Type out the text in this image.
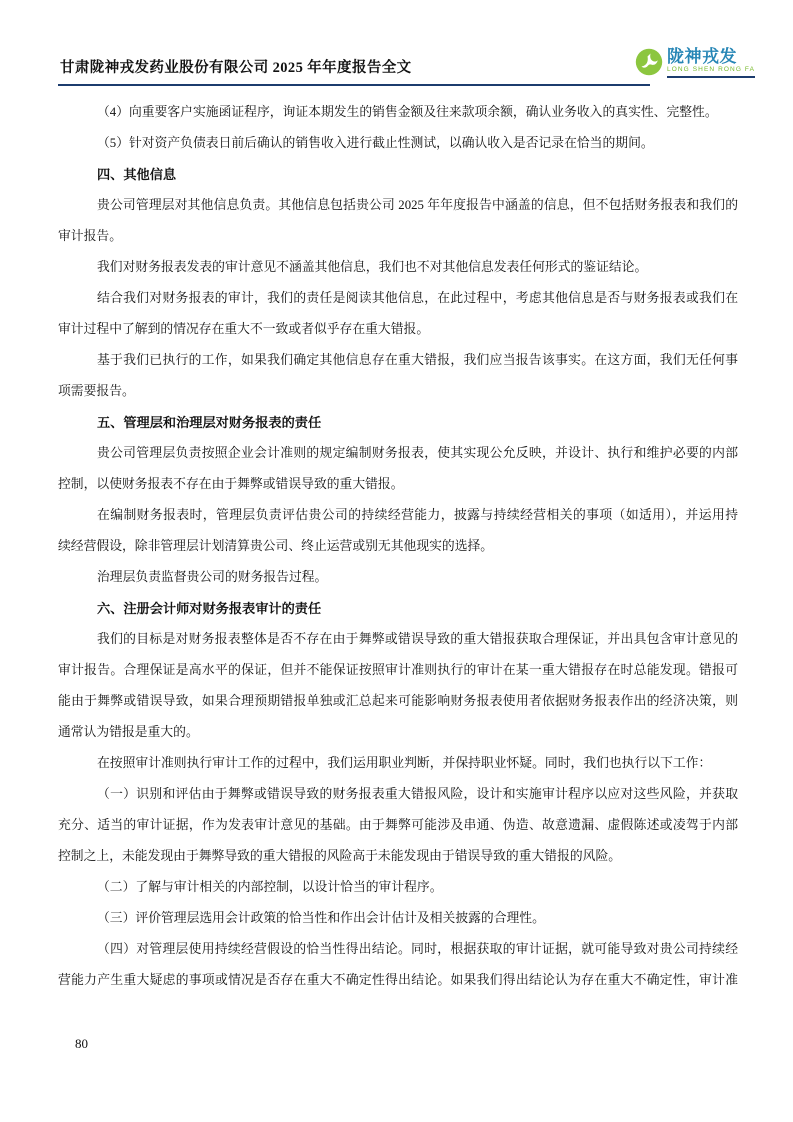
甘肃陇神戎发药业股份有限公司 2025 年年度报告全文
陇神戎发
LONG SHEN RONG FA
（4）向重要客户实施函证程序，询证本期发生的销售金额及往来款项余额，确认业务收入的真实性、完整性。
（5）针对资产负债表日前后确认的销售收入进行截止性测试，以确认收入是否记录在恰当的期间。
四、其他信息
贵公司管理层对其他信息负责。其他信息包括贵公司 2025 年年度报告中涵盖的信息，但不包括财务报表和我们的
审计报告。
我们对财务报表发表的审计意见不涵盖其他信息，我们也不对其他信息发表任何形式的鉴证结论。
结合我们对财务报表的审计，我们的责任是阅读其他信息，在此过程中，考虑其他信息是否与财务报表或我们在
审计过程中了解到的情况存在重大不一致或者似乎存在重大错报。
基于我们已执行的工作，如果我们确定其他信息存在重大错报，我们应当报告该事实。在这方面，我们无任何事
项需要报告。
五、管理层和治理层对财务报表的责任
贵公司管理层负责按照企业会计准则的规定编制财务报表，使其实现公允反映，并设计、执行和维护必要的内部
控制，以使财务报表不存在由于舞弊或错误导致的重大错报。
在编制财务报表时，管理层负责评估贵公司的持续经营能力，披露与持续经营相关的事项（如适用），并运用持
续经营假设，除非管理层计划清算贵公司、终止运营或别无其他现实的选择。
治理层负责监督贵公司的财务报告过程。
六、注册会计师对财务报表审计的责任
我们的目标是对财务报表整体是否不存在由于舞弊或错误导致的重大错报获取合理保证，并出具包含审计意见的
审计报告。合理保证是高水平的保证，但并不能保证按照审计准则执行的审计在某一重大错报存在时总能发现。错报可
能由于舞弊或错误导致，如果合理预期错报单独或汇总起来可能影响财务报表使用者依据财务报表作出的经济决策，则
通常认为错报是重大的。
在按照审计准则执行审计工作的过程中，我们运用职业判断，并保持职业怀疑。同时，我们也执行以下工作：
（一）识别和评估由于舞弊或错误导致的财务报表重大错报风险，设计和实施审计程序以应对这些风险，并获取
充分、适当的审计证据，作为发表审计意见的基础。由于舞弊可能涉及串通、伪造、故意遗漏、虚假陈述或凌驾于内部
控制之上，未能发现由于舞弊导致的重大错报的风险高于未能发现由于错误导致的重大错报的风险。
（二）了解与审计相关的内部控制，以设计恰当的审计程序。
（三）评价管理层选用会计政策的恰当性和作出会计估计及相关披露的合理性。
（四）对管理层使用持续经营假设的恰当性得出结论。同时，根据获取的审计证据，就可能导致对贵公司持续经
营能力产生重大疑虑的事项或情况是否存在重大不确定性得出结论。如果我们得出结论认为存在重大不确定性，审计准
80
